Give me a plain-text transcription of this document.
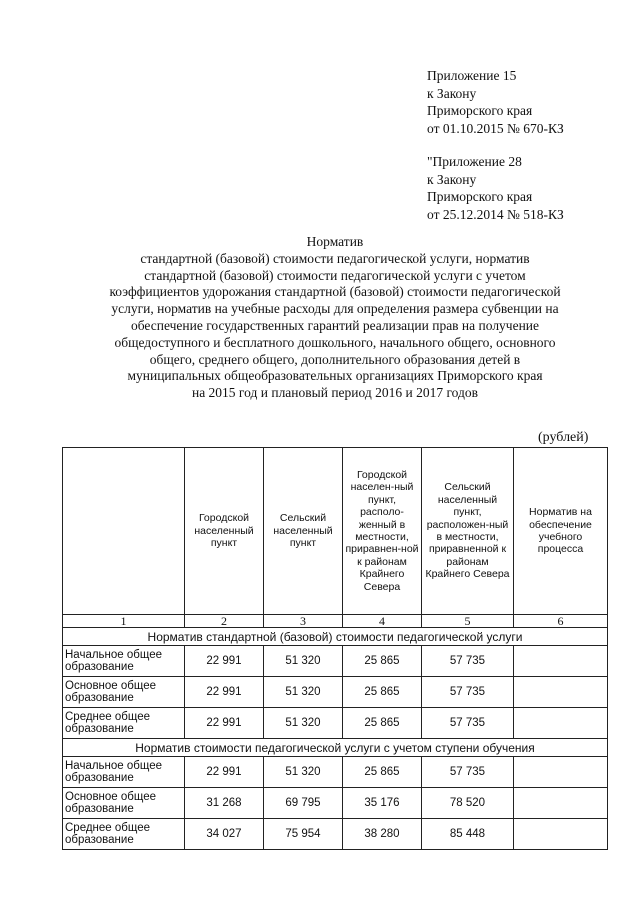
Приложение 15
к Закону
Приморского края
от 01.10.2015 № 670-КЗ
"Приложение 28
к Закону
Приморского края
от 25.12.2014 № 518-КЗ
Норматив
стандартной (базовой) стоимости педагогической услуги, норматив
стандартной (базовой) стоимости педагогической услуги с учетом
коэффициентов удорожания стандартной (базовой) стоимости педагогической
услуги, норматив на учебные расходы для определения размера субвенции на
обеспечение государственных гарантий реализации прав на получение
общедоступного и бесплатного дошкольного, начального общего, основного
общего, среднего общего, дополнительного образования детей в
муниципальных общеобразовательных организациях Приморского края
на 2015 год и плановый период 2016 и 2017 годов
(рублей)
	Городской населенный пункт	Сельский населенный пункт	Городской населен-ный пункт, располо-женный в местности, приравнен-ной к районам Крайнего Севера	Сельский населенный пункт, расположен-ный в местности, приравненной к районам Крайнего Севера	Норматив на обеспечение учебного процесса
1	2	3	4	5	6
Норматив стандартной (базовой) стоимости педагогической услуги					
Начальное общее образование	22 991	51 320	25 865	57 735	
Основное общее образование	22 991	51 320	25 865	57 735	
Среднее общее образование	22 991	51 320	25 865	57 735	
Норматив стоимости педагогической услуги с учетом ступени обучения					
Начальное общее образование	22 991	51 320	25 865	57 735	
Основное общее образование	31 268	69 795	35 176	78 520	
Среднее общее образование	34 027	75 954	38 280	85 448	
